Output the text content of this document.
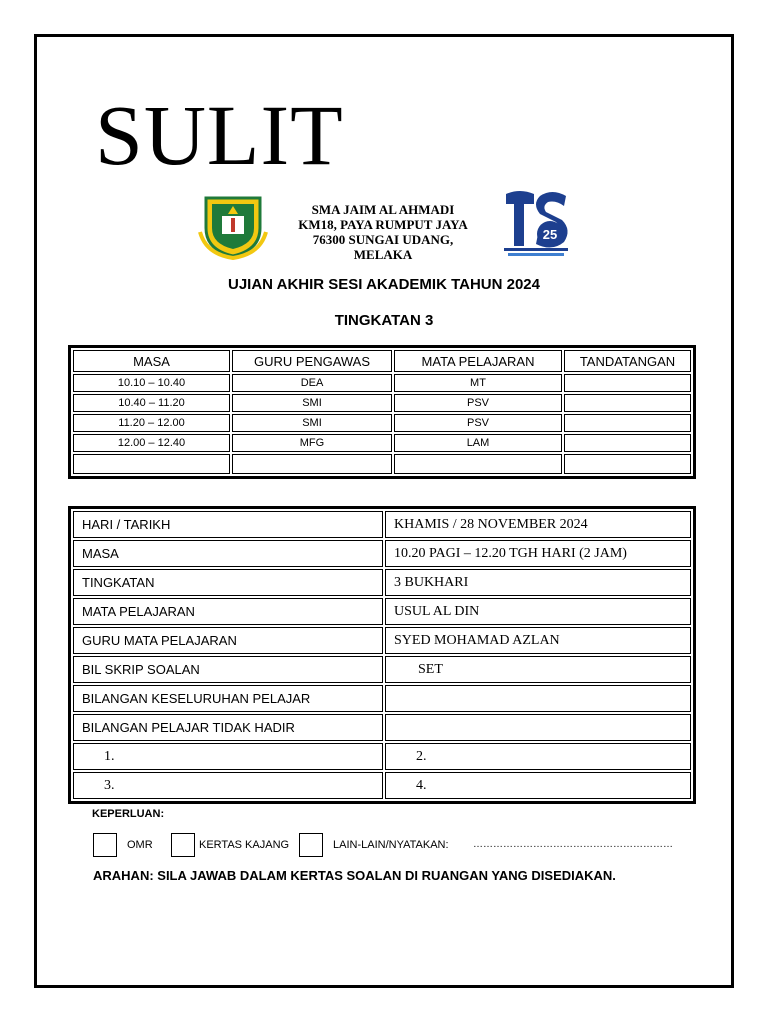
SULIT
SMA JAIM AL AHMADI
KM18, PAYA RUMPUT JAYA
76300 SUNGAI UDANG,
MELAKA
25
UJIAN AKHIR SESI AKADEMIK TAHUN 2024
TINGKATAN 3
MASA	GURU PENGAWAS	MATA PELAJARAN	TANDATANGAN
10.10 – 10.40	DEA	MT	
10.40 – 11.20	SMI	PSV	
11.20 – 12.00	SMI	PSV	
12.00 – 12.40	MFG	LAM	

HARI / TARIKH	KHAMIS / 28 NOVEMBER 2024
MASA	10.20 PAGI – 12.20 TGH HARI (2 JAM)
TINGKATAN	3 BUKHARI
MATA PELAJARAN	USUL AL DIN
GURU MATA PELAJARAN	SYED MOHAMAD AZLAN
BIL SKRIP SOALAN	SET
BILANGAN KESELURUHAN PELAJAR	
BILANGAN PELAJAR TIDAK HADIR	
1.	2.
3.	4.
KEPERLUAN:
OMR	KERTAS KAJANG	LAIN-LAIN/NYATAKAN: ……………………………………………………
ARAHAN: SILA JAWAB DALAM KERTAS SOALAN DI RUANGAN YANG DISEDIAKAN.
